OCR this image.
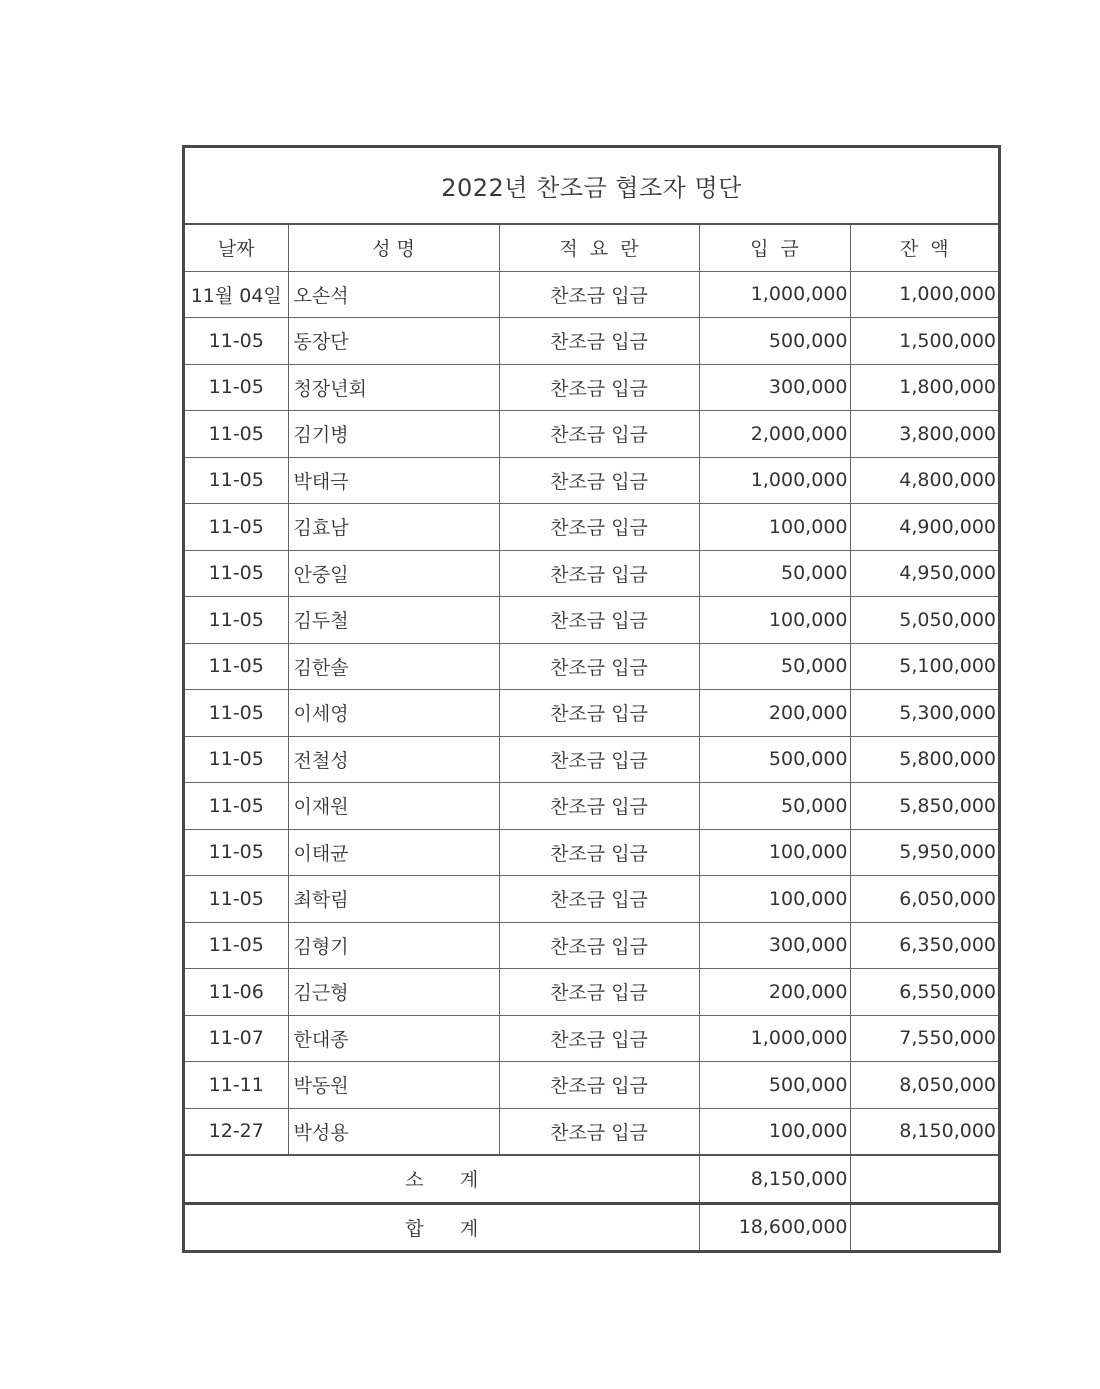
2022년 찬조금 협조자 명단
날짜	성 명	적  요  란	입  금	잔  액
11월 04일	오손석	찬조금 입금	1,000,000	1,000,000
11-05	동장단	찬조금 입금	500,000	1,500,000
11-05	청장년회	찬조금 입금	300,000	1,800,000
11-05	김기병	찬조금 입금	2,000,000	3,800,000
11-05	박태극	찬조금 입금	1,000,000	4,800,000
11-05	김효남	찬조금 입금	100,000	4,900,000
11-05	안중일	찬조금 입금	50,000	4,950,000
11-05	김두철	찬조금 입금	100,000	5,050,000
11-05	김한솔	찬조금 입금	50,000	5,100,000
11-05	이세영	찬조금 입금	200,000	5,300,000
11-05	전철성	찬조금 입금	500,000	5,800,000
11-05	이재원	찬조금 입금	50,000	5,850,000
11-05	이태균	찬조금 입금	100,000	5,950,000
11-05	최학림	찬조금 입금	100,000	6,050,000
11-05	김형기	찬조금 입금	300,000	6,350,000
11-06	김근형	찬조금 입금	200,000	6,550,000
11-07	한대종	찬조금 입금	1,000,000	7,550,000
11-11	박동원	찬조금 입금	500,000	8,050,000
12-27	박성용	찬조금 입금	100,000	8,150,000
소      계			8,150,000	
합      계			18,600,000	
